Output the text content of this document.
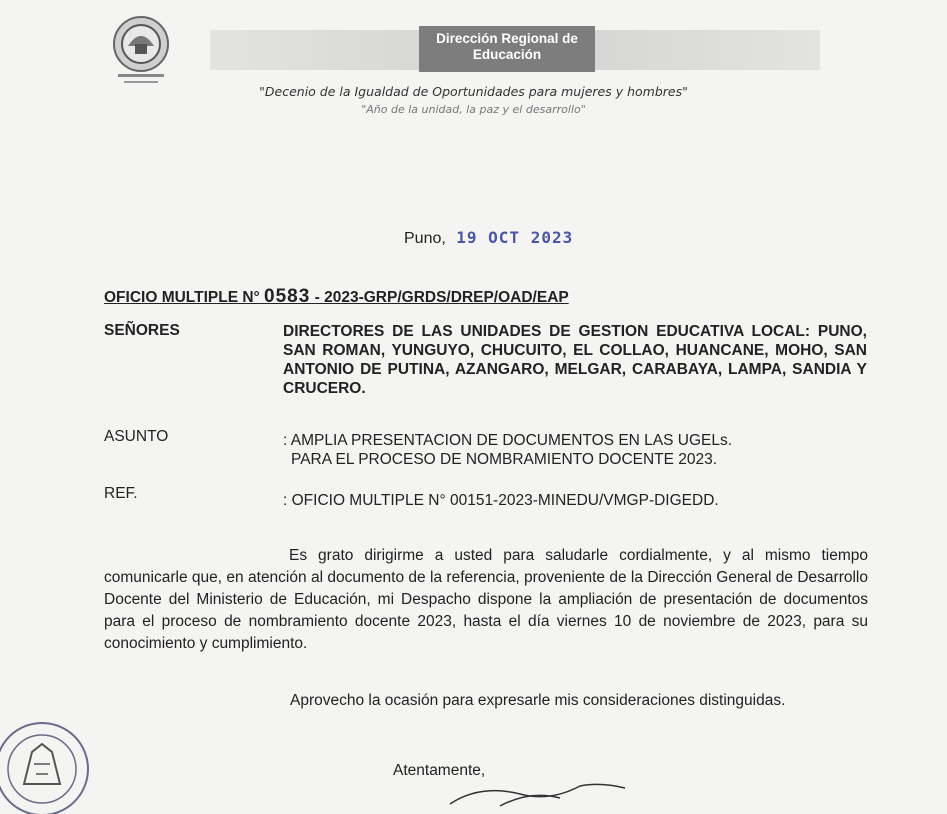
Dirección Regional de
Educación
"Decenio de la Igualdad de Oportunidades para mujeres y hombres"
"Año de la unidad, la paz y el desarrollo"
Puno, 19 OCT 2023
OFICIO MULTIPLE N° 0583 - 2023-GRP/GRDS/DREP/OAD/EAP
SEÑORES	DIRECTORES DE LAS UNIDADES DE GESTION EDUCATIVA LOCAL: PUNO, SAN ROMAN, YUNGUYO, CHUCUITO, EL COLLAO, HUANCANE, MOHO, SAN ANTONIO DE PUTINA, AZANGARO, MELGAR, CARABAYA, LAMPA, SANDIA Y CRUCERO.
ASUNTO	: AMPLIA PRESENTACION DE DOCUMENTOS EN LAS UGELs.
PARA EL PROCESO DE NOMBRAMIENTO DOCENTE 2023.
REF.	: OFICIO MULTIPLE N° 00151-2023-MINEDU/VMGP-DIGEDD.
Es grato dirigirme a usted para saludarle cordialmente, y al mismo tiempo comunicarle que, en atención al documento de la referencia, proveniente de la Dirección General de Desarrollo Docente del Ministerio de Educación, mi Despacho dispone la ampliación de presentación de documentos para el proceso de nombramiento docente 2023, hasta el día viernes 10 de noviembre de 2023, para su conocimiento y cumplimiento.
Aprovecho la ocasión para expresarle mis consideraciones distinguidas.
Atentamente,
